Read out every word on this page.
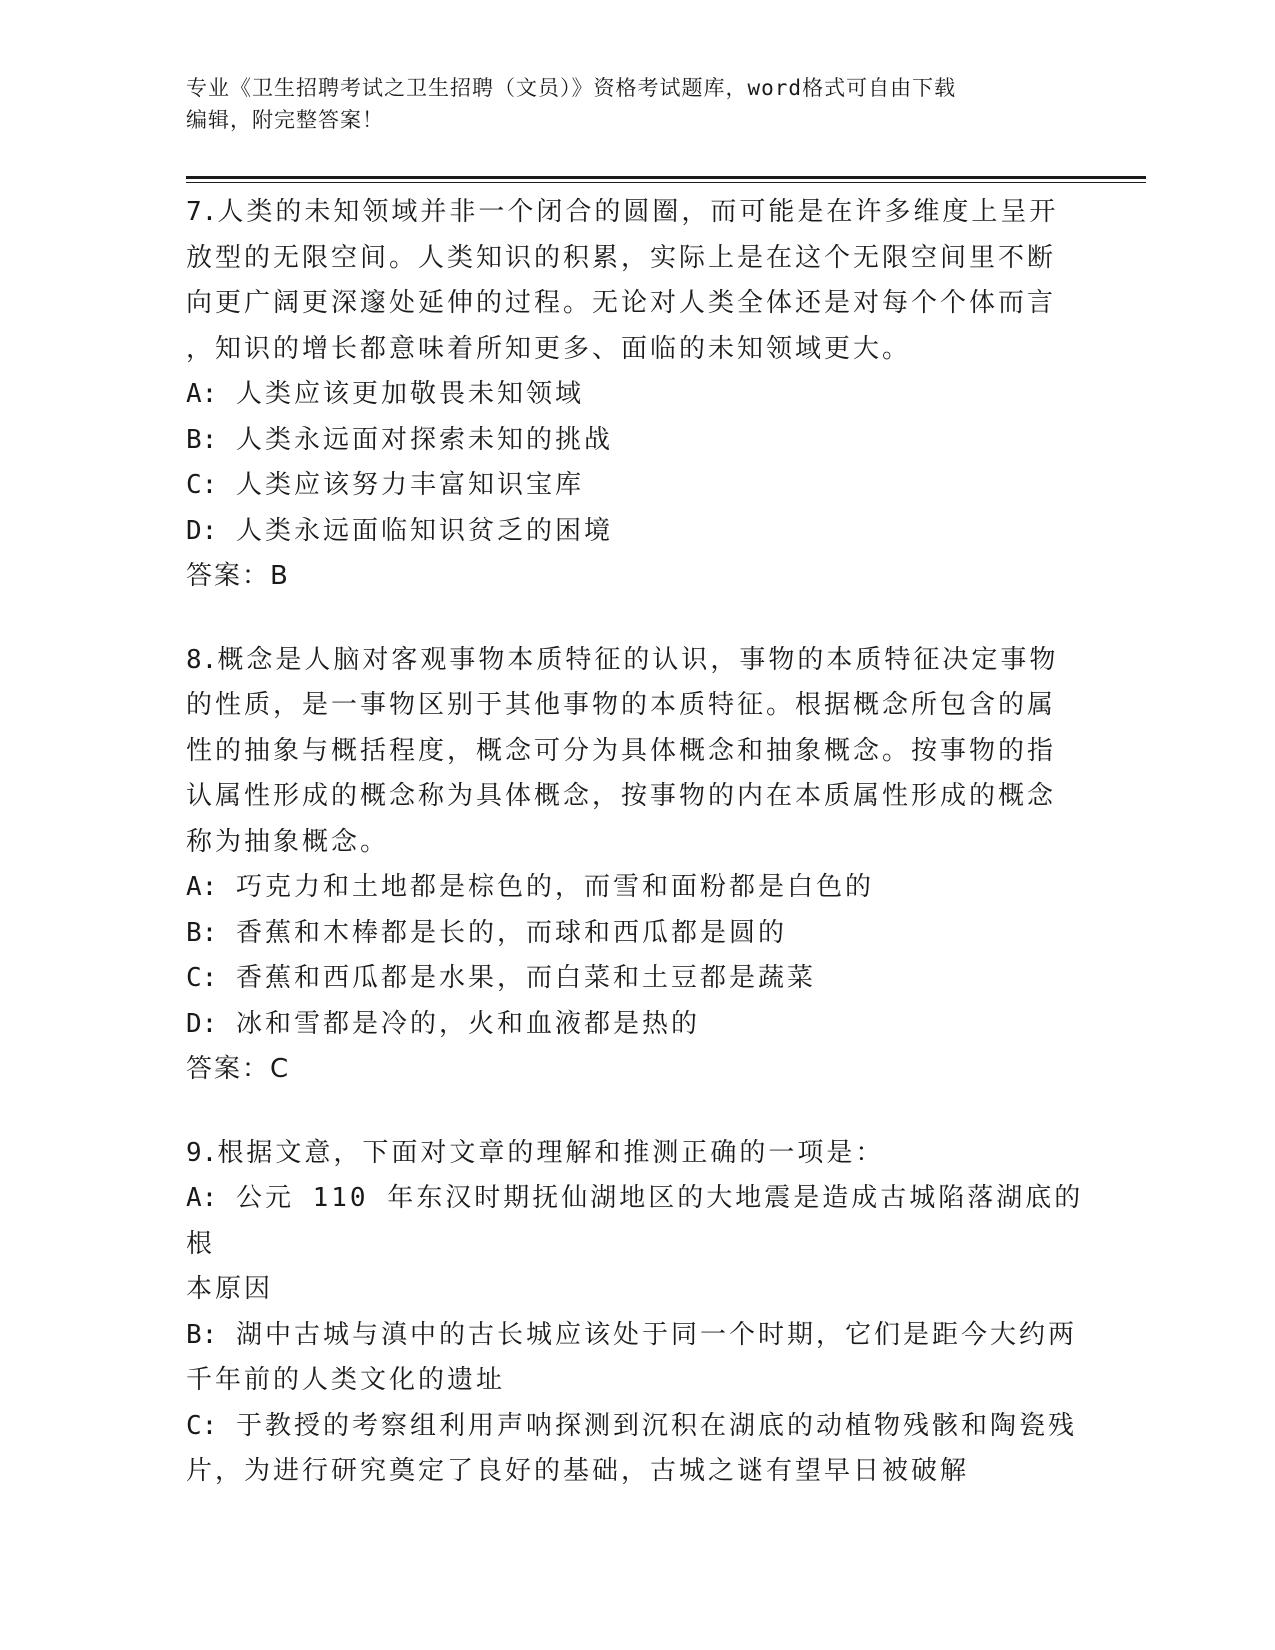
专业《卫生招聘考试之卫生招聘（文员）》资格考试题库，word格式可自由下载
编辑，附完整答案！

7.人类的未知领域并非一个闭合的圆圈，而可能是在许多维度上呈开

放型的无限空间。人类知识的积累，实际上是在这个无限空间里不断

向更广阔更深邃处延伸的过程。无论对人类全体还是对每个个体而言

，知识的增长都意味着所知更多、面临的未知领域更大。

A: 人类应该更加敬畏未知领域

B: 人类永远面对探索未知的挑战

C: 人类应该努力丰富知识宝库

D: 人类永远面临知识贫乏的困境

答案：B

8.概念是人脑对客观事物本质特征的认识，事物的本质特征决定事物

的性质，是一事物区别于其他事物的本质特征。根据概念所包含的属

性的抽象与概括程度，概念可分为具体概念和抽象概念。按事物的指

认属性形成的概念称为具体概念，按事物的内在本质属性形成的概念

称为抽象概念。

A: 巧克力和土地都是棕色的，而雪和面粉都是白色的

B: 香蕉和木棒都是长的，而球和西瓜都是圆的

C: 香蕉和西瓜都是水果，而白菜和土豆都是蔬菜

D: 冰和雪都是冷的，火和血液都是热的

答案：C

9.根据文意，下面对文章的理解和推测正确的一项是：

A: 公元 110 年东汉时期抚仙湖地区的大地震是造成古城陷落湖底的根

本原因

B: 湖中古城与滇中的古长城应该处于同一个时期，它们是距今大约两

千年前的人类文化的遗址

C: 于教授的考察组利用声呐探测到沉积在湖底的动植物残骸和陶瓷残

片，为进行研究奠定了良好的基础，古城之谜有望早日被破解
